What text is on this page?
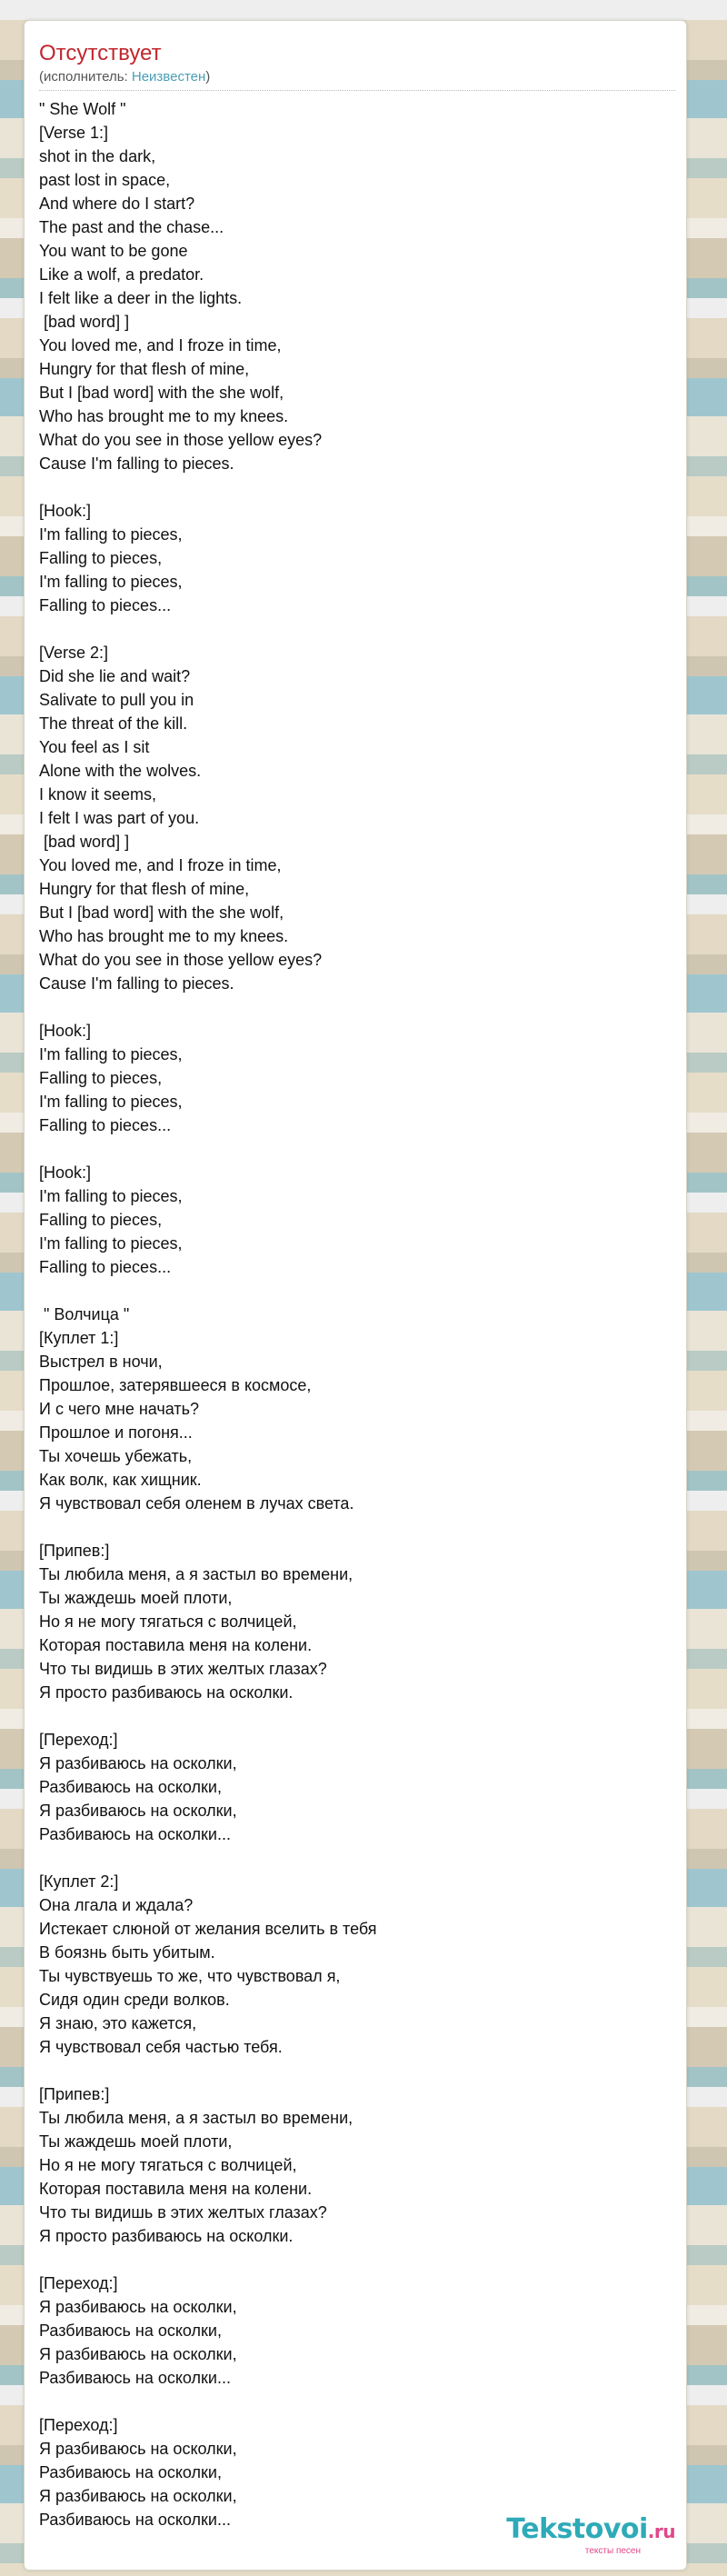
Отсутствует
(исполнитель: Неизвестен)
" She Wolf "
[Verse 1:]
shot in the dark,
past lost in space,
And where do I start?
The past and the chase...
You want to be gone
Like a wolf, a predator.
I felt like a deer in the lights.
[bad word] ]
You loved me, and I froze in time,
Hungry for that flesh of mine,
But I [bad word] with the she wolf,
Who has brought me to my knees.
What do you see in those yellow eyes?
Cause I'm falling to pieces.

[Hook:]
I'm falling to pieces,
Falling to pieces,
I'm falling to pieces,
Falling to pieces...

[Verse 2:]
Did she lie and wait?
Salivate to pull you in
The threat of the kill.
You feel as I sit
Alone with the wolves.
I know it seems,
I felt I was part of you.
[bad word] ]
You loved me, and I froze in time,
Hungry for that flesh of mine,
But I [bad word] with the she wolf,
Who has brought me to my knees.
What do you see in those yellow eyes?
Cause I'm falling to pieces.

[Hook:]
I'm falling to pieces,
Falling to pieces,
I'm falling to pieces,
Falling to pieces...

[Hook:]
I'm falling to pieces,
Falling to pieces,
I'm falling to pieces,
Falling to pieces...

" Волчица "
[Куплет 1:]
Выстрел в ночи,
Прошлое, затерявшееся в космосе,
И с чего мне начать?
Прошлое и погоня...
Ты хочешь убежать,
Как волк, как хищник.
Я чувствовал себя оленем в лучах света.

[Припев:]
Ты любила меня, а я застыл во времени,
Ты жаждешь моей плоти,
Но я не могу тягаться с волчицей,
Которая поставила меня на колени.
Что ты видишь в этих желтых глазах?
Я просто разбиваюсь на осколки.

[Переход:]
Я разбиваюсь на осколки,
Разбиваюсь на осколки,
Я разбиваюсь на осколки,
Разбиваюсь на осколки...

[Куплет 2:]
Она лгала и ждала?
Истекает слюной от желания вселить в тебя
В боязнь быть убитым.
Ты чувствуешь то же, что чувствовал я,
Сидя один среди волков.
Я знаю, это кажется,
Я чувствовал себя частью тебя.

[Припев:]
Ты любила меня, а я застыл во времени,
Ты жаждешь моей плоти,
Но я не могу тягаться с волчицей,
Которая поставила меня на колени.
Что ты видишь в этих желтых глазах?
Я просто разбиваюсь на осколки.

[Переход:]
Я разбиваюсь на осколки,
Разбиваюсь на осколки,
Я разбиваюсь на осколки,
Разбиваюсь на осколки...

[Переход:]
Я разбиваюсь на осколки,
Разбиваюсь на осколки,
Я разбиваюсь на осколки,
Разбиваюсь на осколки...	Tekstovoi.ru
тексты песен
